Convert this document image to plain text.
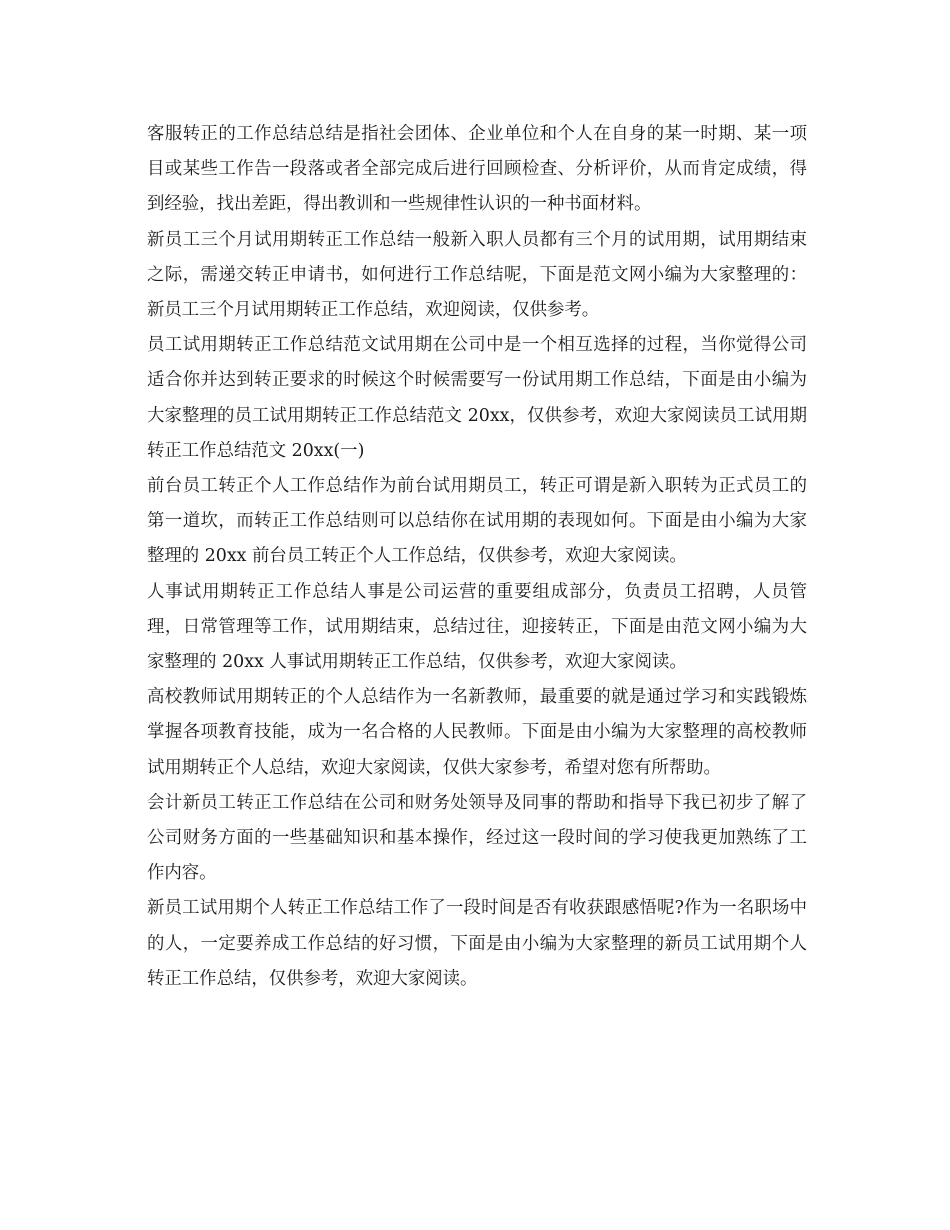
客服转正的工作总结总结是指社会团体、企业单位和个人在自身的某一时期、某一项目或某些工作告一段落或者全部完成后进行回顾检查、分析评价，从而肯定成绩，得到经验，找出差距，得出教训和一些规律性认识的一种书面材料。

新员工三个月试用期转正工作总结一般新入职人员都有三个月的试用期，试用期结束之际，需递交转正申请书，如何进行工作总结呢，下面是范文网小编为大家整理的：新员工三个月试用期转正工作总结，欢迎阅读，仅供参考。

员工试用期转正工作总结范文试用期在公司中是一个相互选择的过程，当你觉得公司适合你并达到转正要求的时候这个时候需要写一份试用期工作总结，下面是由小编为大家整理的员工试用期转正工作总结范文 20xx，仅供参考，欢迎大家阅读员工试用期转正工作总结范文 20xx(一)

前台员工转正个人工作总结作为前台试用期员工，转正可谓是新入职转为正式员工的第一道坎，而转正工作总结则可以总结你在试用期的表现如何。下面是由小编为大家整理的 20xx 前台员工转正个人工作总结，仅供参考，欢迎大家阅读。

人事试用期转正工作总结人事是公司运营的重要组成部分，负责员工招聘，人员管理，日常管理等工作，试用期结束，总结过往，迎接转正，下面是由范文网小编为大家整理的 20xx 人事试用期转正工作总结，仅供参考，欢迎大家阅读。

高校教师试用期转正的个人总结作为一名新教师，最重要的就是通过学习和实践锻炼掌握各项教育技能，成为一名合格的人民教师。下面是由小编为大家整理的高校教师试用期转正个人总结，欢迎大家阅读，仅供大家参考，希望对您有所帮助。

会计新员工转正工作总结在公司和财务处领导及同事的帮助和指导下我已初步了解了公司财务方面的一些基础知识和基本操作，经过这一段时间的学习使我更加熟练了工作内容。

新员工试用期个人转正工作总结工作了一段时间是否有收获跟感悟呢?作为一名职场中的人，一定要养成工作总结的好习惯，下面是由小编为大家整理的新员工试用期个人转正工作总结，仅供参考，欢迎大家阅读。
